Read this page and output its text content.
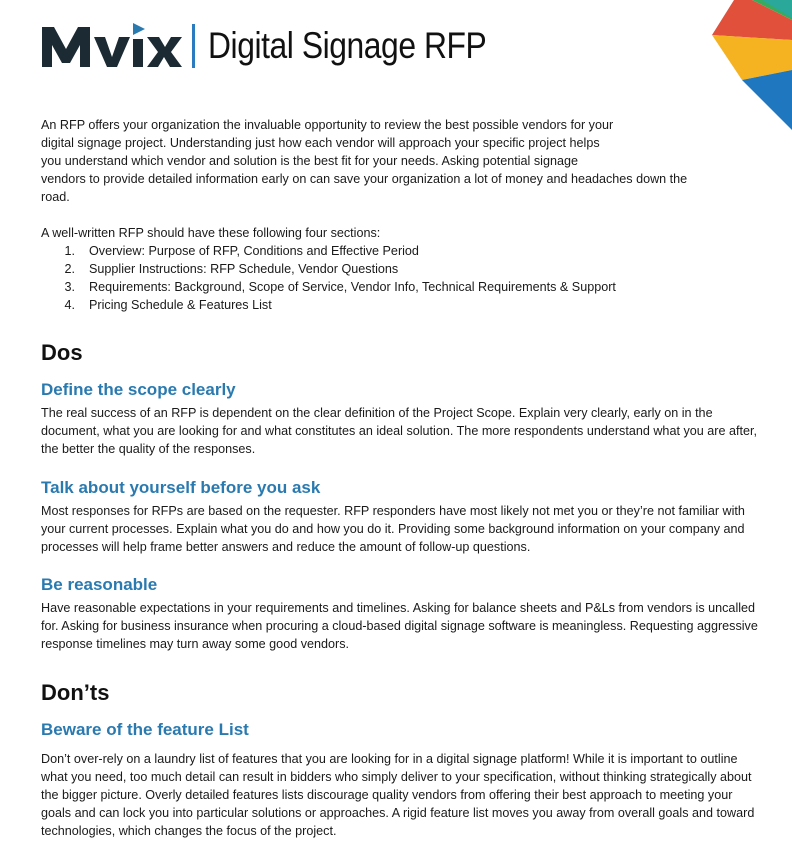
Digital Signage RFP

An RFP offers your organization the invaluable opportunity to review the best possible vendors for your

digital signage project. Understanding just how each vendor will approach your specific project helps

you understand which vendor and solution is the best fit for your needs. Asking potential signage

vendors to provide detailed information early on can save your organization a lot of money and headaches down the

road.

A well-written RFP should have these following four sections:
1.	Overview: Purpose of RFP, Conditions and Effective Period
2.	Supplier Instructions: RFP Schedule, Vendor Questions
3.	Requirements: Background, Scope of Service, Vendor Info, Technical Requirements & Support
4.	Pricing Schedule & Features List
Dos
Define the scope clearly

The real success of an RFP is dependent on the clear definition of the Project Scope. Explain very clearly, early on in the document, what you are looking for and what constitutes an ideal solution. The more respondents understand what you are after, the better the quality of the responses.

Talk about yourself before you ask

Most responses for RFPs are based on the requester. RFP responders have most likely not met you or they’re not familiar with your current processes. Explain what you do and how you do it. Providing some background information on your company and processes will help frame better answers and reduce the amount of follow-up questions.

Be reasonable

Have reasonable expectations in your requirements and timelines. Asking for balance sheets and P&Ls from vendors is uncalled for. Asking for business insurance when procuring a cloud-based digital signage software is meaningless. Requesting aggressive response timelines may turn away some good vendors.

Don’ts
Beware of the feature List

Don’t over-rely on a laundry list of features that you are looking for in a digital signage platform! While it is important to outline what you need, too much detail can result in bidders who simply deliver to your specification, without thinking strategically about the bigger picture. Overly detailed features lists discourage quality vendors from offering their best approach to meeting your goals and can lock you into particular solutions or approaches. A rigid feature list moves you away from overall goals and toward technologies, which changes the focus of the project.
